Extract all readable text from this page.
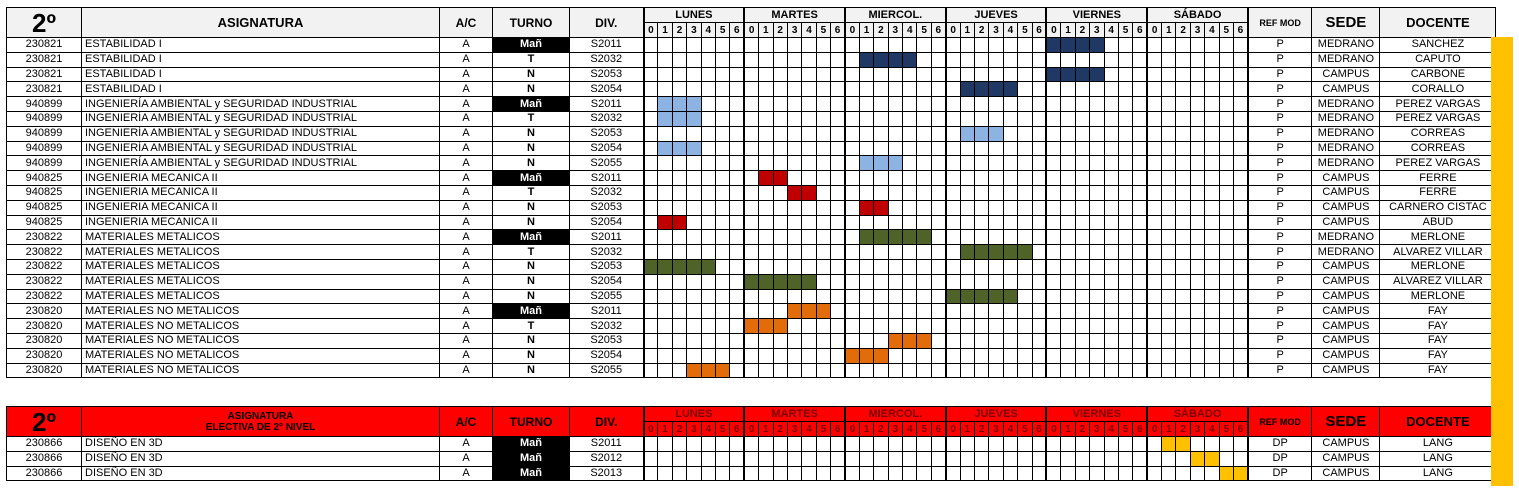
2º	ASIGNATURA	A/C	TURNO	DIV.	LUNES							MARTES							MIERCOL.							JUEVES							VIERNES							SÁBADO							REF MOD	SEDE	DOCENTE
					0	1	2	3	4	5	6	0	1	2	3	4	5	6	0	1	2	3	4	5	6	0	1	2	3	4	5	6	0	1	2	3	4	5	6	0	1	2	3	4	5	6			
230821	ESTABILIDAD I	A	Mañ	S2011																																											P	MEDRANO	SANCHEZ
230821	ESTABILIDAD I	A	T	S2032																																											P	MEDRANO	CAPUTO
230821	ESTABILIDAD I	A	N	S2053																																											P	CAMPUS	CARBONE
230821	ESTABILIDAD I	A	N	S2054																																											P	CAMPUS	CORALLO
940899	INGENIERÍA AMBIENTAL y SEGURIDAD INDUSTRIAL	A	Mañ	S2011																																											P	MEDRANO	PEREZ VARGAS
940899	INGENIERÍA AMBIENTAL y SEGURIDAD INDUSTRIAL	A	T	S2032																																											P	MEDRANO	PEREZ VARGAS
940899	INGENIERÍA AMBIENTAL y SEGURIDAD INDUSTRIAL	A	N	S2053																																											P	MEDRANO	CORREAS
940899	INGENIERÍA AMBIENTAL y SEGURIDAD INDUSTRIAL	A	N	S2054																																											P	MEDRANO	CORREAS
940899	INGENIERÍA AMBIENTAL y SEGURIDAD INDUSTRIAL	A	N	S2055																																											P	MEDRANO	PEREZ VARGAS
940825	INGENIERIA MECANICA II	A	Mañ	S2011																																											P	CAMPUS	FERRE
940825	INGENIERIA MECANICA II	A	T	S2032																																											P	CAMPUS	FERRE
940825	INGENIERIA MECANICA II	A	N	S2053																																											P	CAMPUS	CARNERO CISTAC
940825	INGENIERIA MECANICA II	A	N	S2054																																											P	CAMPUS	ABUD
230822	MATERIALES METALICOS	A	Mañ	S2011																																											P	MEDRANO	MERLONE
230822	MATERIALES METALICOS	A	T	S2032																																											P	MEDRANO	ALVAREZ VILLAR
230822	MATERIALES METALICOS	A	N	S2053																																											P	CAMPUS	MERLONE
230822	MATERIALES METALICOS	A	N	S2054																																											P	CAMPUS	ALVAREZ VILLAR
230822	MATERIALES METALICOS	A	N	S2055																																											P	CAMPUS	MERLONE
230820	MATERIALES NO METALICOS	A	Mañ	S2011																																											P	CAMPUS	FAY
230820	MATERIALES NO METALICOS	A	T	S2032																																											P	CAMPUS	FAY
230820	MATERIALES NO METALICOS	A	N	S2053																																											P	CAMPUS	FAY
230820	MATERIALES NO METALICOS	A	N	S2054																																											P	CAMPUS	FAY
230820	MATERIALES NO METALICOS	A	N	S2055																																											P	CAMPUS	FAY
2º	ASIGNATURA
ELECTIVA DE 2° NIVEL	A/C	TURNO	DIV.	LUNES							MARTES							MIERCOL.							JUEVES							VIERNES							SÁBADO							REF MOD	SEDE	DOCENTE
					0	1	2	3	4	5	6	0	1	2	3	4	5	6	0	1	2	3	4	5	6	0	1	2	3	4	5	6	0	1	2	3	4	5	6	0	1	2	3	4	5	6			
230866	DISEÑO EN 3D	A	Mañ	S2011																																											DP	CAMPUS	LANG
230866	DISEÑO EN 3D	A	Mañ	S2012																																											DP	CAMPUS	LANG
230866	DISEÑO EN 3D	A	Mañ	S2013																																											DP	CAMPUS	LANG
